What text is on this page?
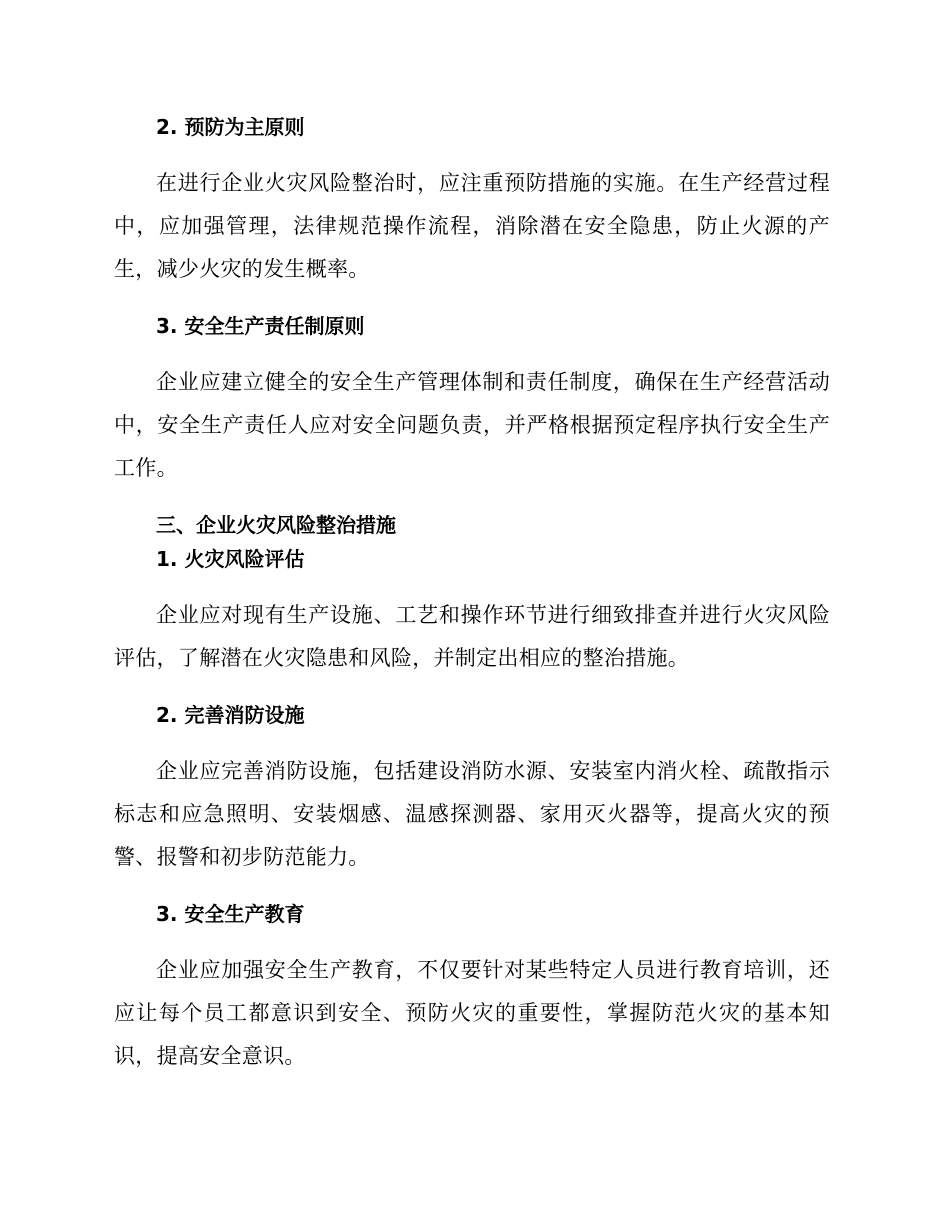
2. 预防为主原则

在进行企业火灾风险整治时，应注重预防措施的实施。在生产经营过程中，应加强管理，法律规范操作流程，消除潜在安全隐患，防止火源的产生，减少火灾的发生概率。

3. 安全生产责任制原则

企业应建立健全的安全生产管理体制和责任制度，确保在生产经营活动中，安全生产责任人应对安全问题负责，并严格根据预定程序执行安全生产工作。

三、企业火灾风险整治措施
1. 火灾风险评估

企业应对现有生产设施、工艺和操作环节进行细致排查并进行火灾风险评估，了解潜在火灾隐患和风险，并制定出相应的整治措施。

2. 完善消防设施

企业应完善消防设施，包括建设消防水源、安装室内消火栓、疏散指示标志和应急照明、安装烟感、温感探测器、家用灭火器等，提高火灾的预警、报警和初步防范能力。

3. 安全生产教育

企业应加强安全生产教育，不仅要针对某些特定人员进行教育培训，还应让每个员工都意识到安全、预防火灾的重要性，掌握防范火灾的基本知识，提高安全意识。
